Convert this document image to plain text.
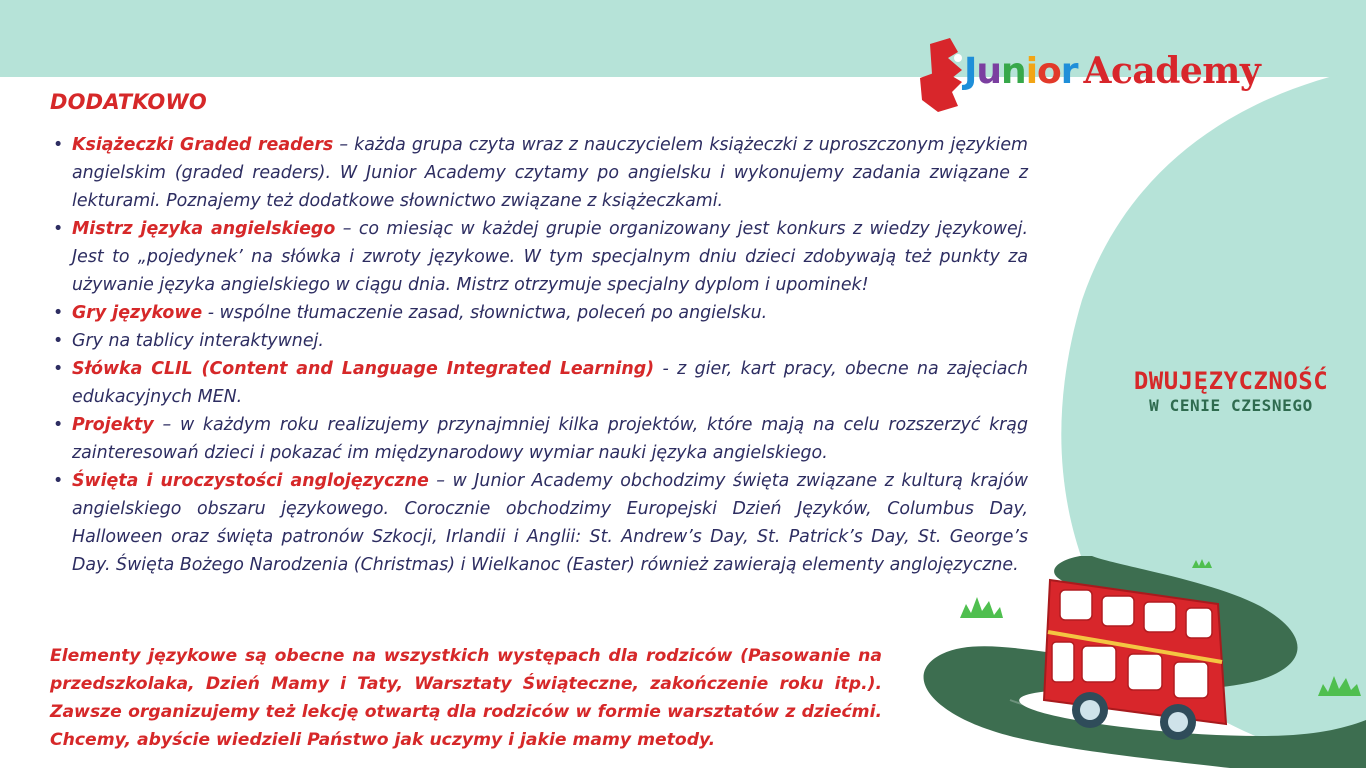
Junior Academy
DODATKOWO
• Książeczki Graded readers – każda grupa czyta wraz z nauczycielem książeczki z uproszczonym językiem angielskim (graded readers). W Junior Academy czytamy po angielsku i wykonujemy zadania związane z lekturami. Poznajemy też dodatkowe słownictwo związane z książeczkami.
• Mistrz języka angielskiego – co miesiąc w każdej grupie organizowany jest konkurs z wiedzy językowej. Jest to „pojedynek’ na słówka i zwroty językowe. W tym specjalnym dniu dzieci zdobywają też punkty za używanie języka angielskiego w ciągu dnia. Mistrz otrzymuje specjalny dyplom i upominek!
• Gry językowe - wspólne tłumaczenie zasad, słownictwa, poleceń po angielsku.
• Gry na tablicy interaktywnej.
• Słówka CLIL (Content and Language Integrated Learning) - z gier, kart pracy, obecne na zajęciach edukacyjnych MEN.
• Projekty – w każdym roku realizujemy przynajmniej kilka projektów, które mają na celu rozszerzyć krąg zainteresowań dzieci i pokazać im międzynarodowy wymiar nauki języka angielskiego.
• Święta i uroczystości anglojęzyczne – w Junior Academy obchodzimy święta związane z kulturą krajów angielskiego obszaru językowego. Corocznie obchodzimy Europejski Dzień Języków, Columbus Day, Halloween oraz święta patronów Szkocji, Irlandii i Anglii: St. Andrew’s Day, St. Patrick’s Day, St. George’s Day. Święta Bożego Narodzenia (Christmas) i Wielkanoc (Easter) również zawierają elementy anglojęzyczne.

Elementy językowe są obecne na wszystkich występach dla rodziców (Pasowanie na przedszkolaka, Dzień Mamy i Taty, Warsztaty Świąteczne, zakończenie roku itp.). Zawsze organizujemy też lekcję otwartą dla rodziców w formie warsztatów z dziećmi. Chcemy, abyście wiedzieli Państwo jak uczymy i jakie mamy metody.

DWUJĘZYCZNOŚĆ
W CENIE CZESNEGO
